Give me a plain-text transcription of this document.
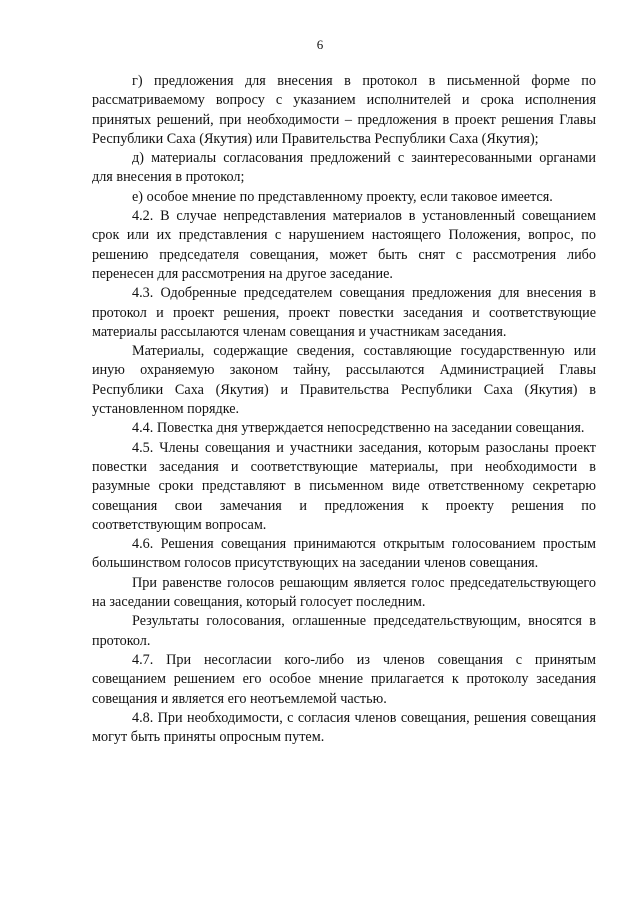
6

г) предложения для внесения в протокол в письменной форме по рассматриваемому вопросу с указанием исполнителей и срока исполнения принятых решений, при необходимости – предложения в проект решения Главы Республики Саха (Якутия) или Правительства Республики Саха (Якутия);

д) материалы согласования предложений с заинтересованными органами для внесения в протокол;

е) особое мнение по представленному проекту, если таковое имеется.

4.2. В случае непредставления материалов в установленный совещанием срок или их представления с нарушением настоящего Положения, вопрос, по решению председателя совещания, может быть снят с рассмотрения либо перенесен для рассмотрения на другое заседание.

4.3. Одобренные председателем совещания предложения для внесения в протокол и проект решения, проект повестки заседания и соответствующие материалы рассылаются членам совещания и участникам заседания.

Материалы, содержащие сведения, составляющие государственную или иную охраняемую законом тайну, рассылаются Администрацией Главы Республики Саха (Якутия) и Правительства Республики Саха (Якутия) в установленном порядке.

4.4. Повестка дня утверждается непосредственно на заседании совещания.

4.5. Члены совещания и участники заседания, которым разосланы проект повестки заседания и соответствующие материалы, при необходимости в разумные сроки представляют в письменном виде ответственному секретарю совещания свои замечания и предложения к проекту решения по соответствующим вопросам.

4.6. Решения совещания принимаются открытым голосованием простым большинством голосов присутствующих на заседании членов совещания.

При равенстве голосов решающим является голос председательствующего на заседании совещания, который голосует последним.

Результаты голосования, оглашенные председательствующим, вносятся в протокол.

4.7. При несогласии кого-либо из членов совещания с принятым совещанием решением его особое мнение прилагается к протоколу заседания совещания и является его неотъемлемой частью.

4.8. При необходимости, с согласия членов совещания, решения совещания могут быть приняты опросным путем.
